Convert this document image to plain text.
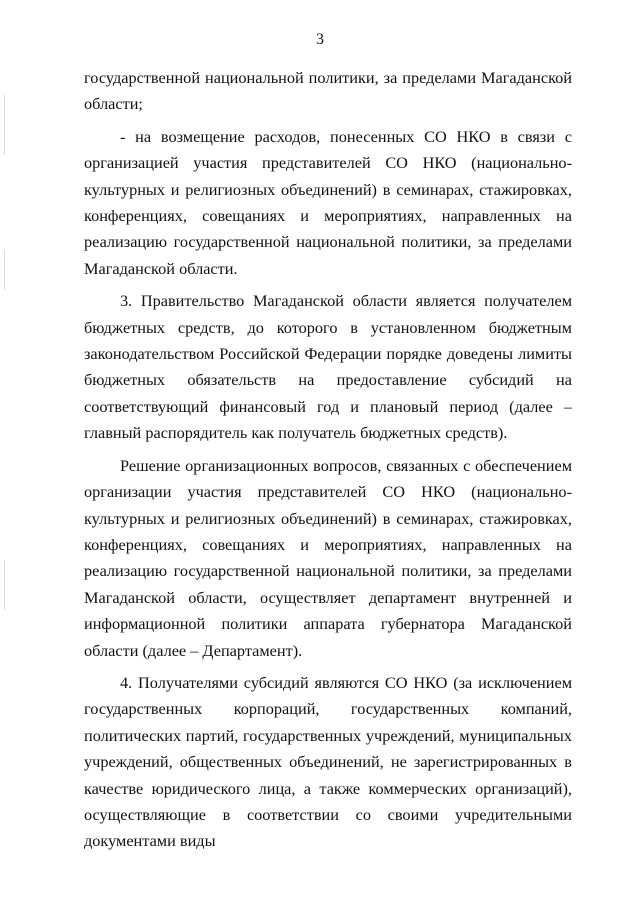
3

государственной национальной политики, за пределами Магаданской области;

- на возмещение расходов, понесенных СО НКО в связи с организацией участия представителей СО НКО (национально-культурных и религиозных объединений) в семинарах, стажировках, конференциях, совещаниях и мероприятиях, направленных на реализацию государственной национальной политики, за пределами Магаданской области.

3. Правительство Магаданской области является получателем бюджетных средств, до которого в установленном бюджетным законодательством Российской Федерации порядке доведены лимиты бюджетных обязательств на предоставление субсидий на соответствующий финансовый год и плановый период (далее – главный распорядитель как получатель бюджетных средств).

Решение организационных вопросов, связанных с обеспечением организации участия представителей СО НКО (национально-культурных и религиозных объединений) в семинарах, стажировках, конференциях, совещаниях и мероприятиях, направленных на реализацию государственной национальной политики, за пределами Магаданской области, осуществляет департамент внутренней и информационной политики аппарата губернатора Магаданской области (далее – Департамент).

4. Получателями субсидий являются СО НКО (за исключением государственных корпораций, государственных компаний, политических партий, государственных учреждений, муниципальных учреждений, общественных объединений, не зарегистрированных в качестве юридического лица, а также коммерческих организаций), осуществляющие в соответствии со своими учредительными документами виды
